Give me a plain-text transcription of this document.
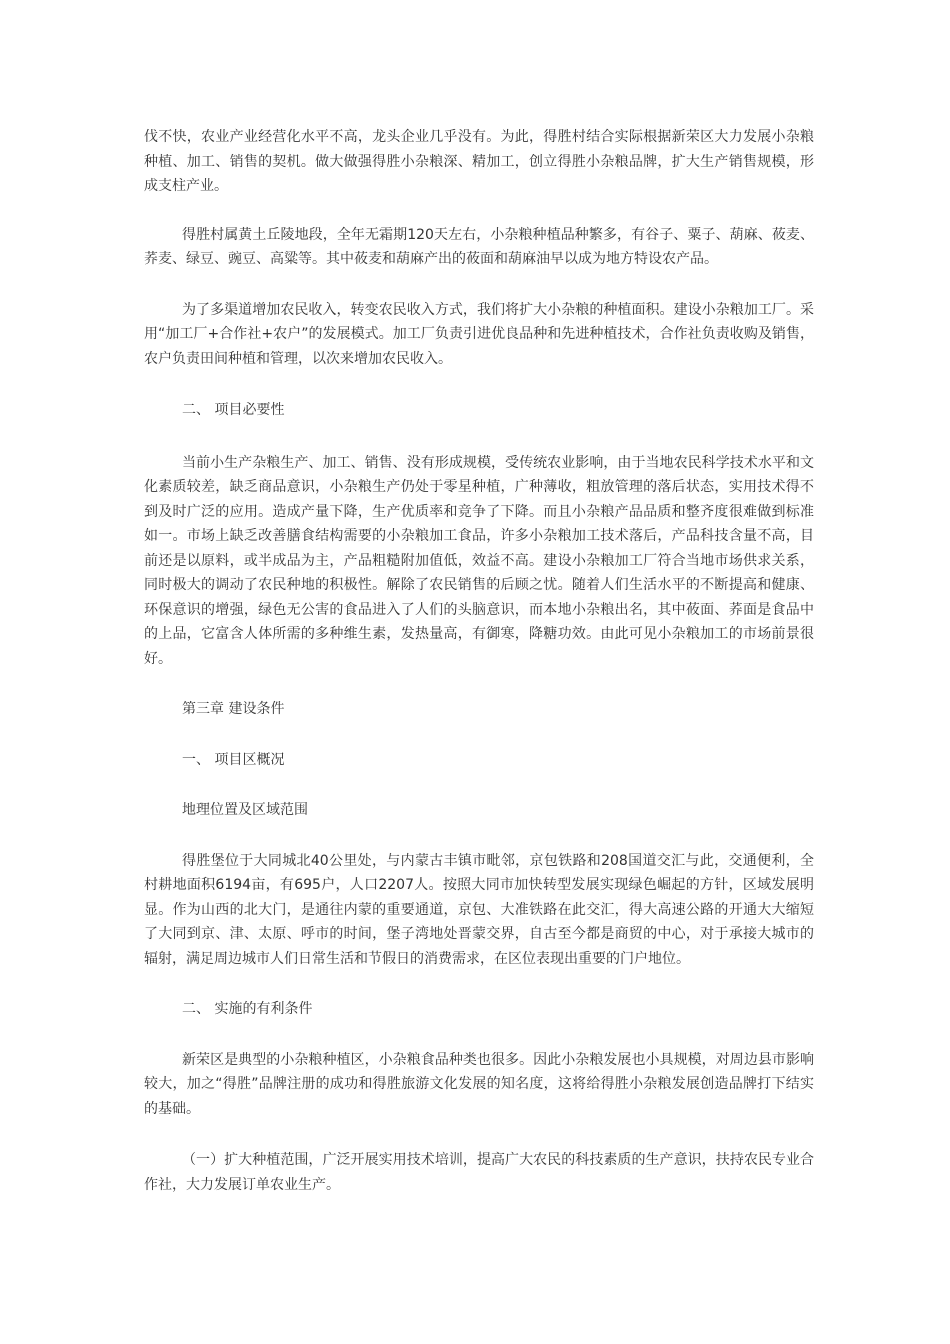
伐不快，农业产业经营化水平不高，龙头企业几乎没有。为此，得胜村结合实际根据新荣区大力发展小杂粮种植、加工、销售的契机。做大做强得胜小杂粮深、精加工，创立得胜小杂粮品牌，扩大生产销售规模，形成支柱产业。

得胜村属黄土丘陵地段，全年无霜期120天左右，小杂粮种植品种繁多，有谷子、粟子、葫麻、莜麦、荞麦、绿豆、豌豆、高粱等。其中莜麦和葫麻产出的莜面和葫麻油早以成为地方特设农产品。

为了多渠道增加农民收入，转变农民收入方式，我们将扩大小杂粮的种植面积。建设小杂粮加工厂。采用“加工厂+合作社+农户”的发展模式。加工厂负责引进优良品种和先进种植技术，合作社负责收购及销售，农户负责田间种植和管理，以次来增加农民收入。

二、 项目必要性

当前小生产杂粮生产、加工、销售、没有形成规模，受传统农业影响，由于当地农民科学技术水平和文化素质较差，缺乏商品意识，小杂粮生产仍处于零星种植，广种薄收，粗放管理的落后状态，实用技术得不到及时广泛的应用。造成产量下降，生产优质率和竞争了下降。而且小杂粮产品品质和整齐度很难做到标准如一。市场上缺乏改善膳食结构需要的小杂粮加工食品，许多小杂粮加工技术落后，产品科技含量不高，目前还是以原料，或半成品为主，产品粗糙附加值低，效益不高。建设小杂粮加工厂符合当地市场供求关系，同时极大的调动了农民种地的积极性。解除了农民销售的后顾之忧。随着人们生活水平的不断提高和健康、环保意识的增强，绿色无公害的食品进入了人们的头脑意识，而本地小杂粮出名，其中莜面、荞面是食品中的上品，它富含人体所需的多种维生素，发热量高，有御寒，降糖功效。由此可见小杂粮加工的市场前景很好。

第三章 建设条件

一、 项目区概况

地理位置及区域范围

得胜堡位于大同城北40公里处，与内蒙古丰镇市毗邻，京包铁路和208国道交汇与此，交通便利，全村耕地面积6194亩，有695户，人口2207人。按照大同市加快转型发展实现绿色崛起的方针，区域发展明显。作为山西的北大门，是通往内蒙的重要通道，京包、大准铁路在此交汇，得大高速公路的开通大大缩短了大同到京、津、太原、呼市的时间，堡子湾地处晋蒙交界，自古至今都是商贸的中心，对于承接大城市的辐射，满足周边城市人们日常生活和节假日的消费需求，在区位表现出重要的门户地位。

二、 实施的有利条件

新荣区是典型的小杂粮种植区，小杂粮食品种类也很多。因此小杂粮发展也小具规模，对周边县市影响较大，加之“得胜”品牌注册的成功和得胜旅游文化发展的知名度，这将给得胜小杂粮发展创造品牌打下结实的基础。

（一）扩大种植范围，广泛开展实用技术培训，提高广大农民的科技素质的生产意识，扶持农民专业合作社，大力发展订单农业生产。
